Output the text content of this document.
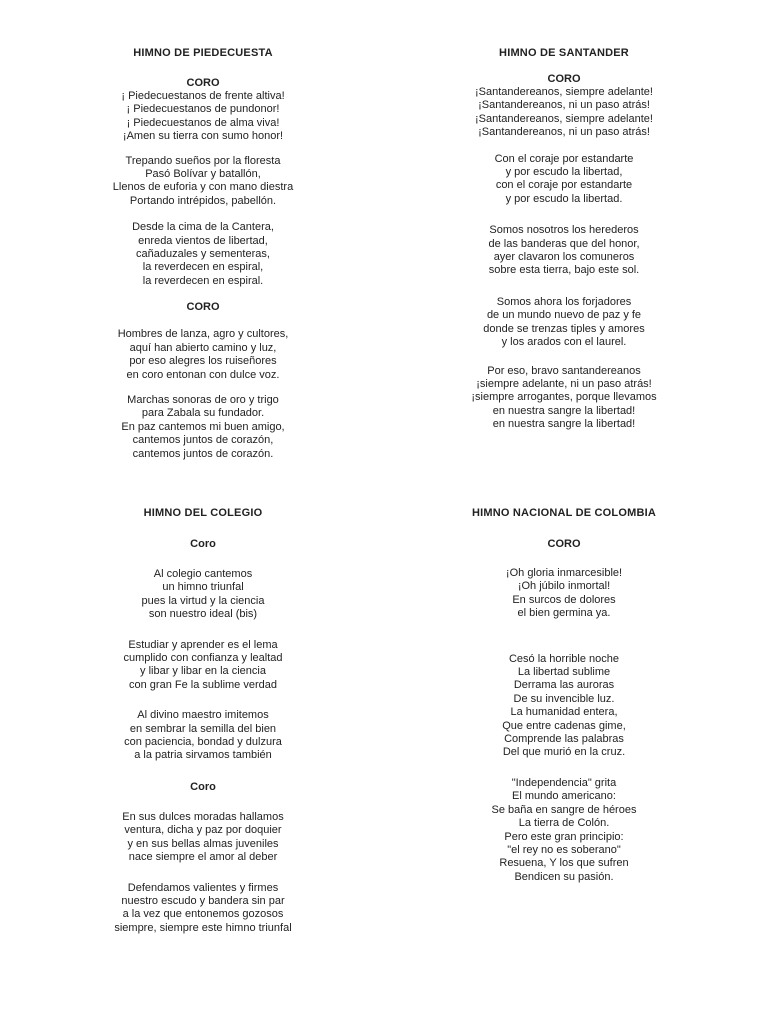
HIMNO DE PIEDECUESTA

CORO

¡ Piedecuestanos de frente altiva!
¡ Piedecuestanos de pundonor!
¡ Piedecuestanos de alma viva!
¡Amen su tierra con sumo honor!
Trepando sueños por la floresta
Pasó Bolívar y batallón,
Llenos de euforia y con mano diestra
Portando intrépidos, pabellón.
Desde la cima de la Cantera,
enreda vientos de libertad,
cañaduzales y sementeras,
la reverdecen en espiral,
la reverdecen en espiral.

CORO

Hombres de lanza, agro y cultores,
aquí han abierto camino y luz,
por eso alegres los ruiseñores
en coro entonan con dulce voz.
Marchas sonoras de oro y trigo
para Zabala su fundador.
En paz cantemos mi buen amigo,
cantemos juntos de corazón,
cantemos juntos de corazón.

HIMNO DE SANTANDER

CORO

¡Santandereanos, siempre adelante!
¡Santandereanos, ni un paso atrás!
¡Santandereanos, siempre adelante!
¡Santandereanos, ni un paso atrás!
Con el coraje por estandarte
y por escudo la libertad,
con el coraje por estandarte
y por escudo la libertad.
Somos nosotros los herederos
de las banderas que del honor,
ayer clavaron los comuneros
sobre esta tierra, bajo este sol.
Somos ahora los forjadores
de un mundo nuevo de paz y fe
donde se trenzas tiples y amores
y los arados con el laurel.
Por eso, bravo santandereanos
¡siempre adelante, ni un paso atrás!
¡siempre arrogantes, porque llevamos
en nuestra sangre la libertad!
en nuestra sangre la libertad!

HIMNO DEL COLEGIO

Coro

Al colegio cantemos
un himno triunfal
pues la virtud y la ciencia
son nuestro ideal (bis)
Estudiar y aprender es el lema
cumplido con confianza y lealtad
y libar y libar en la ciencia
con gran Fe la sublime verdad
Al divino maestro imitemos
en sembrar la semilla del bien
con paciencia, bondad y dulzura
a la patria sirvamos también

Coro

En sus dulces moradas hallamos
ventura, dicha y paz por doquier
y en sus bellas almas juveniles
nace siempre el amor al deber
Defendamos valientes y firmes
nuestro escudo y bandera sin par
a la vez que entonemos gozosos
siempre, siempre este himno triunfal

HIMNO NACIONAL DE COLOMBIA

CORO

¡Oh gloria inmarcesible!
¡Oh júbilo inmortal!
En surcos de dolores
el bien germina ya.
Cesó la horrible noche
La libertad sublime
Derrama las auroras
De su invencible luz.
La humanidad entera,
Que entre cadenas gime,
Comprende las palabras
Del que murió en la cruz.
"Independencia" grita
El mundo americano:
Se baña en sangre de héroes
La tierra de Colón.
Pero este gran principio:
"el rey no es soberano"
Resuena, Y los que sufren
Bendicen su pasión.
